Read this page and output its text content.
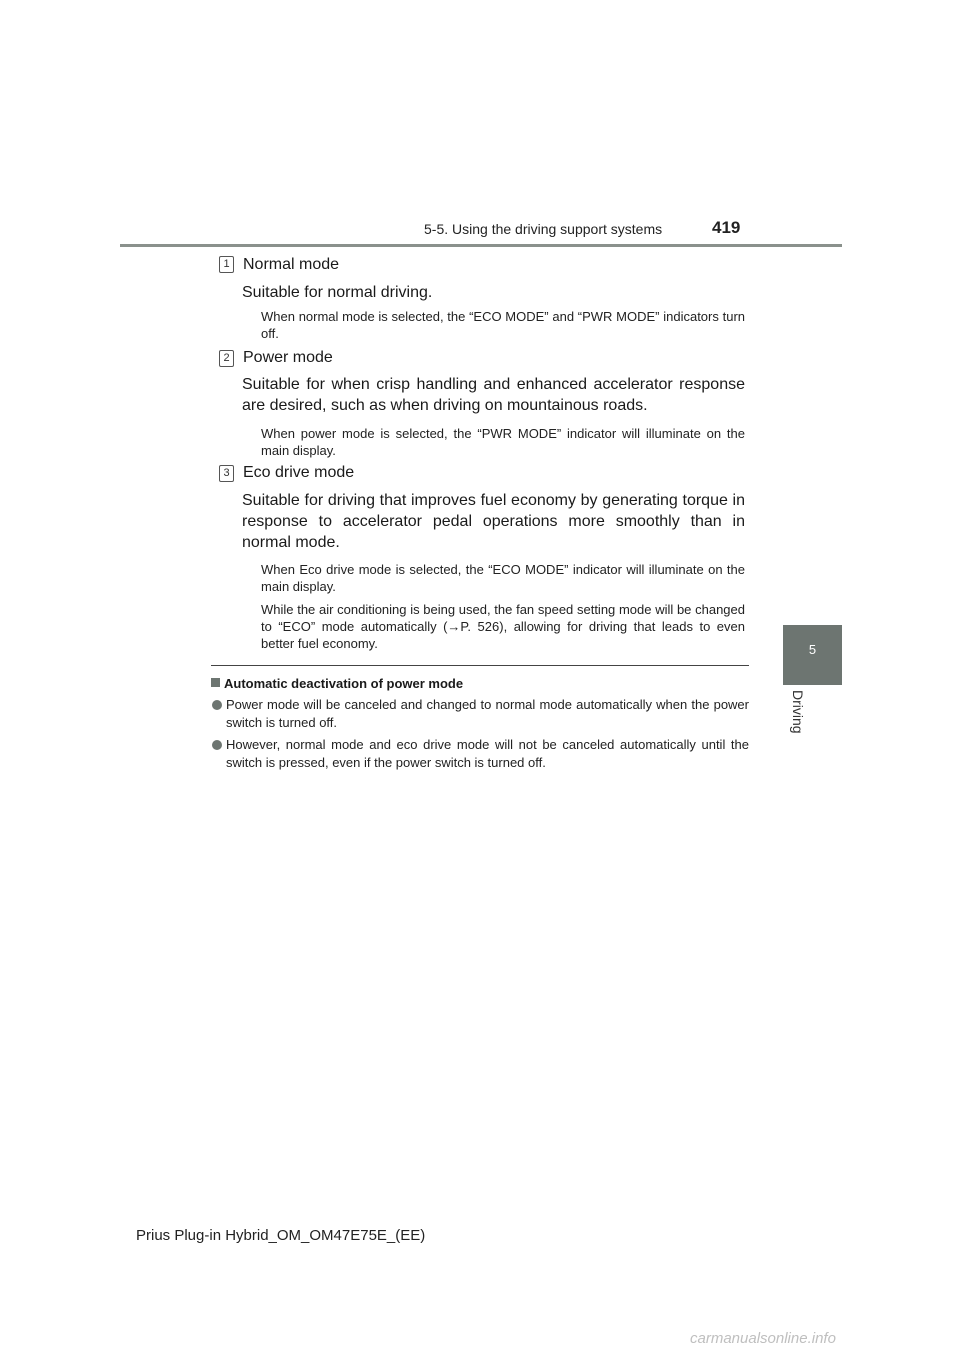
5-5. Using the driving support systems	419
5
Driving
1 Normal mode
Suitable for normal driving.
When normal mode is selected, the “ECO MODE” and “PWR MODE” indicators turn off.
2 Power mode
Suitable for when crisp handling and enhanced accelerator response are desired, such as when driving on mountainous roads.
When power mode is selected, the “PWR MODE” indicator will illuminate on the main display.
3 Eco drive mode
Suitable for driving that improves fuel economy by generating torque in response to accelerator pedal operations more smoothly than in normal mode.
When Eco drive mode is selected, the “ECO MODE” indicator will illuminate on the main display.
While the air conditioning is being used, the fan speed setting mode will be changed to “ECO” mode automatically (→P. 526), allowing for driving that leads to even better fuel economy.
Automatic deactivation of power mode
Power mode will be canceled and changed to normal mode automatically when the power switch is turned off.
However, normal mode and eco drive mode will not be canceled automatically until the switch is pressed, even if the power switch is turned off.
Prius Plug-in Hybrid_OM_OM47E75E_(EE)
carmanualsonline.info
